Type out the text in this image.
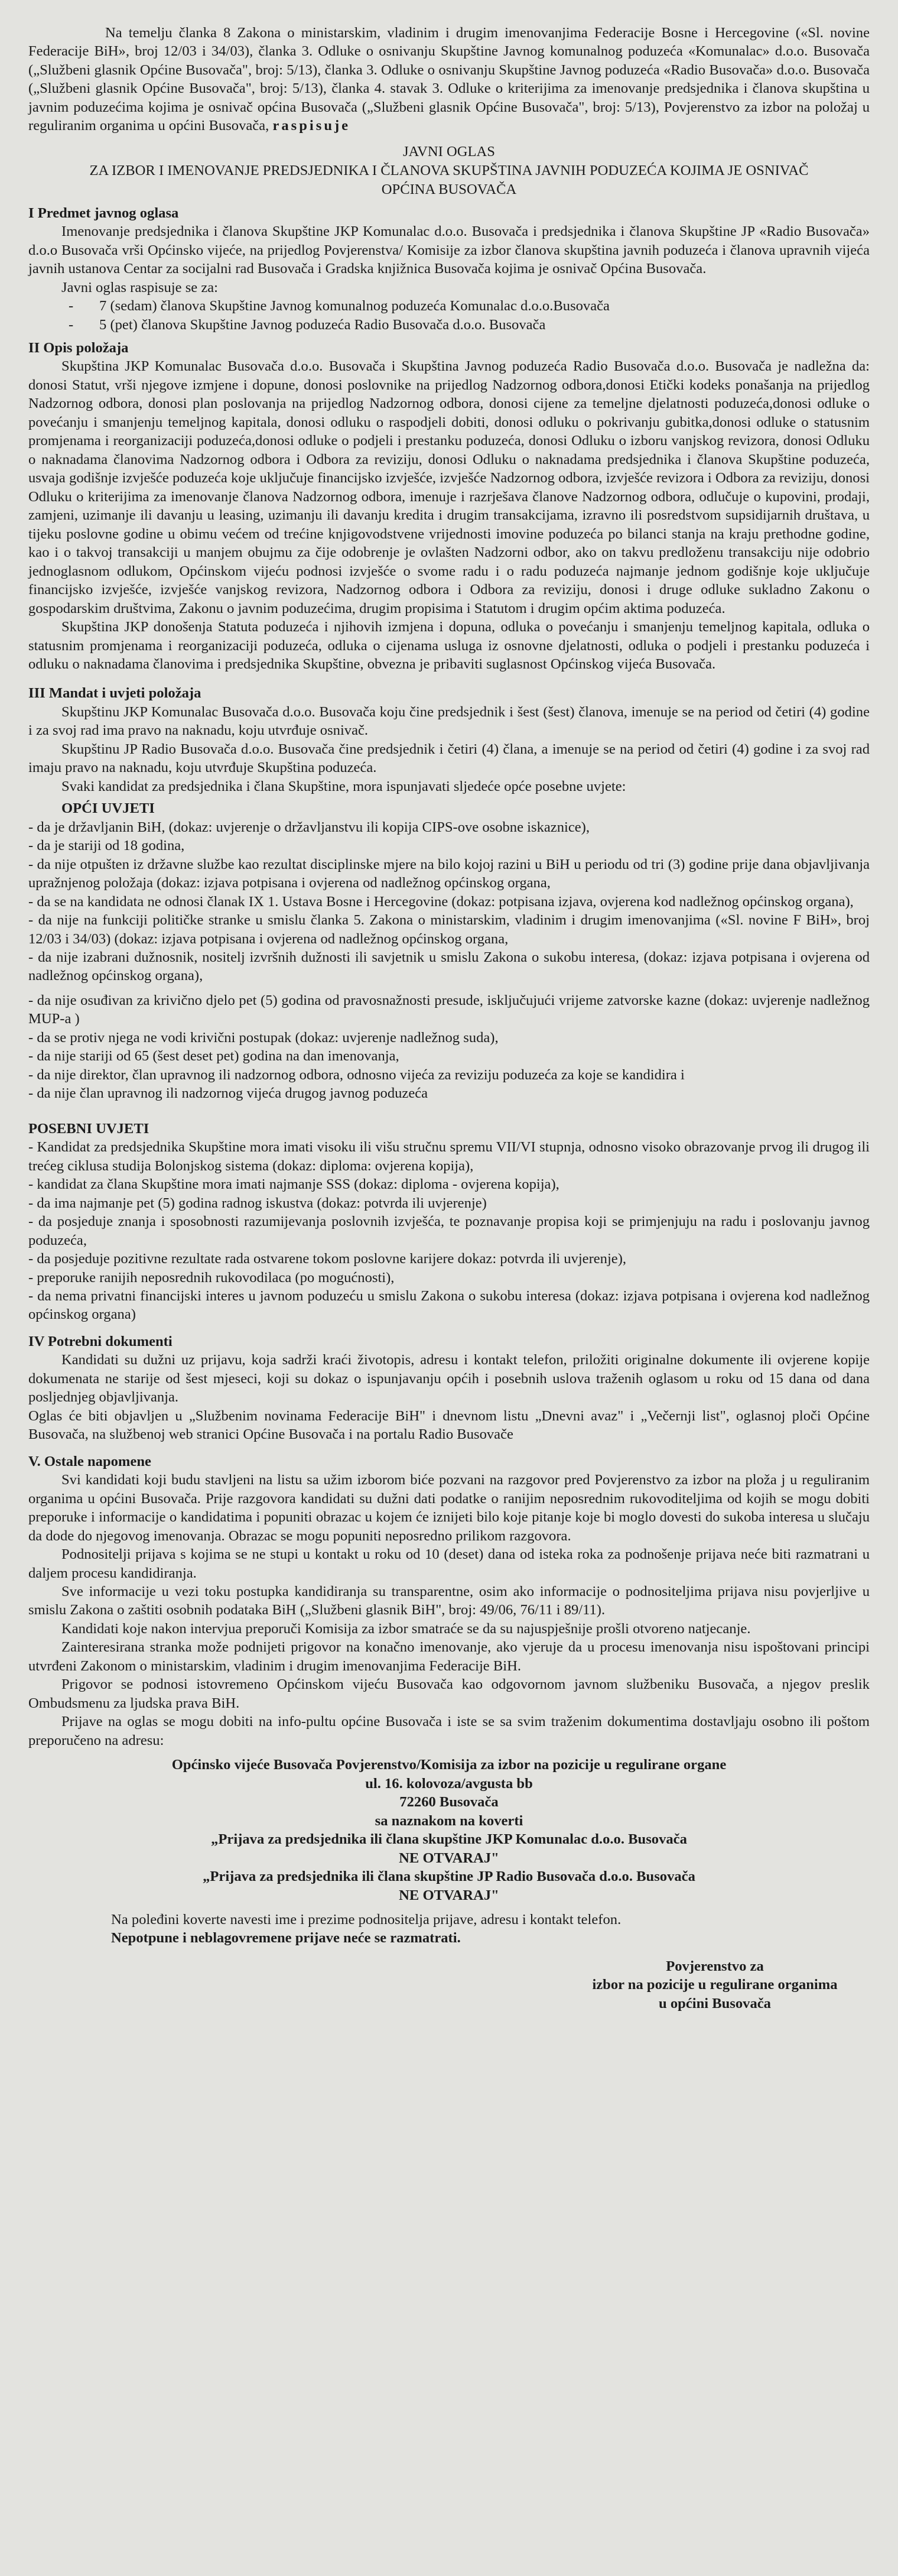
Na temelju članka 8 Zakona o ministarskim, vladinim i drugim imenovanjima Federacije Bosne i Hercegovine («Sl. novine Federacije BiH», broj 12/03 i 34/03), članka 3. Odluke o osnivanju Skupštine Javnog komunalnog poduzeća «Komunalac» d.o.o. Busovača („Službeni glasnik Općine Busovača", broj: 5/13), članka 3. Odluke o osnivanju Skupštine Javnog poduzeća «Radio Busovača» d.o.o. Busovača („Službeni glasnik Općine Busovača", broj: 5/13), članka 4. stavak 3. Odluke o kriterijima za imenovanje predsjednika i članova skupština u javnim poduzećima kojima je osnivač općina Busovača („Službeni glasnik Općine Busovača", broj: 5/13), Povjerenstvo za izbor na položaj u reguliranim organima u općini Busovača, raspisuje

JAVNI OGLAS
ZA IZBOR I IMENOVANJE PREDSJEDNIKA I ČLANOVA SKUPŠTINA JAVNIH PODUZEĆA KOJIMA JE OSNIVAČ OPĆINA BUSOVAČA
I Predmet javnog oglasa

Imenovanje predsjednika i članova Skupštine JKP Komunalac d.o.o. Busovača i predsjednika i članova Skupštine JP «Radio Busovača» d.o.o Busovača vrši Općinsko vijeće, na prijedlog Povjerenstva/ Komisije za izbor članova skupština javnih poduzeća i članova upravnih vijeća javnih ustanova Centar za socijalni rad Busovača i Gradska knjižnica Busovača kojima je osnivač Općina Busovača.

Javni oglas raspisuje se za:

- 7 (sedam) članova Skupštine Javnog komunalnog poduzeća Komunalac d.o.o.Busovača
- 5 (pet) članova Skupštine Javnog poduzeća Radio Busovača d.o.o. Busovača
II Opis položaja

Skupština JKP Komunalac Busovača d.o.o. Busovača i Skupština Javnog poduzeća Radio Busovača d.o.o. Busovača je nadležna da: donosi Statut, vrši njegove izmjene i dopune, donosi poslovnike na prijedlog Nadzornog odbora,donosi Etički kodeks ponašanja na prijedlog Nadzornog odbora, donosi plan poslovanja na prijedlog Nadzornog odbora, donosi cijene za temeljne djelatnosti poduzeća,donosi odluke o povećanju i smanjenju temeljnog kapitala, donosi odluku o raspodjeli dobiti, donosi odluku o pokrivanju gubitka,donosi odluke o statusnim promjenama i reorganizaciji poduzeća,donosi odluke o podjeli i prestanku poduzeća, donosi Odluku o izboru vanjskog revizora, donosi Odluku o naknadama članovima Nadzornog odbora i Odbora za reviziju, donosi Odluku o naknadama predsjednika i članova Skupštine poduzeća, usvaja godišnje izvješće poduzeća koje uključuje financijsko izvješće, izvješće Nadzornog odbora, izvješće revizora i Odbora za reviziju, donosi Odluku o kriterijima za imenovanje članova Nadzornog odbora, imenuje i razrješava članove Nadzornog odbora, odlučuje o kupovini, prodaji, zamjeni, uzimanje ili davanju u leasing, uzimanju ili davanju kredita i drugim transakcijama, izravno ili posredstvom supsidijarnih društava, u tijeku poslovne godine u obimu većem od trećine knjigovodstvene vrijednosti imovine poduzeća po bilanci stanja na kraju prethodne godine, kao i o takvoj transakciji u manjem obujmu za čije odobrenje je ovlašten Nadzorni odbor, ako on takvu predloženu transakciju nije odobrio jednoglasnom odlukom, Općinskom vijeću podnosi izvješće o svome radu i o radu poduzeća najmanje jednom godišnje koje uključuje financijsko izvješće, izvješće vanjskog revizora, Nadzornog odbora i Odbora za reviziju, donosi i druge odluke sukladno Zakonu o gospodarskim društvima, Zakonu o javnim poduzećima, drugim propisima i Statutom i drugim općim aktima poduzeća.

Skupština JKP donošenja Statuta poduzeća i njihovih izmjena i dopuna, odluka o povećanju i smanjenju temeljnog kapitala, odluka o statusnim promjenama i reorganizaciji poduzeća, odluka o cijenama usluga iz osnovne djelatnosti, odluka o podjeli i prestanku poduzeća i odluku o naknadama članovima i predsjednika Skupštine, obvezna je pribaviti suglasnost Općinskog vijeća Busovača.

III Mandat i uvjeti položaja

Skupštinu JKP Komunalac Busovača d.o.o. Busovača koju čine predsjednik i šest (šest) članova, imenuje se na period od četiri (4) godine i za svoj rad ima pravo na naknadu, koju utvrđuje osnivač.

Skupštinu JP Radio Busovača d.o.o. Busovača čine predsjednik i četiri (4) člana, a imenuje se na period od četiri (4) godine i za svoj rad imaju pravo na naknadu, koju utvrđuje Skupština poduzeća.

Svaki kandidat za predsjednika i člana Skupštine, mora ispunjavati sljedeće opće posebne uvjete:

OPĆI UVJETI
- da je državljanin BiH, (dokaz: uvjerenje o državljanstvu ili kopija CIPS-ove osobne iskaznice),
- da je stariji od 18 godina,
- da nije otpušten iz državne službe kao rezultat disciplinske mjere na bilo kojoj razini u BiH u periodu od tri (3) godine prije dana objavljivanja upražnjenog položaja (dokaz: izjava potpisana i ovjerena od nadležnog općinskog organa,
- da se na kandidata ne odnosi članak IX 1. Ustava Bosne i Hercegovine (dokaz: potpisana izjava, ovjerena kod nadležnog općinskog organa),
- da nije na funkciji političke stranke u smislu članka 5. Zakona o ministarskim, vladinim i drugim imenovanjima («Sl. novine F BiH», broj 12/03 i 34/03) (dokaz: izjava potpisana i ovjerena od nadležnog općinskog organa,
- da nije izabrani dužnosnik, nositelj izvršnih dužnosti ili savjetnik u smislu Zakona o sukobu interesa, (dokaz: izjava potpisana i ovjerena od nadležnog općinskog organa),
- da nije osuđivan za krivično djelo pet (5) godina od pravosnažnosti presude, isključujući vrijeme zatvorske kazne (dokaz: uvjerenje nadležnog MUP-a )
- da se protiv njega ne vodi krivični postupak (dokaz: uvjerenje nadležnog suda),
- da nije stariji od 65 (šest deset pet) godina na dan imenovanja,
- da nije direktor, član upravnog ili nadzornog odbora, odnosno vijeća za reviziju poduzeća za koje se kandidira i
- da nije član upravnog ili nadzornog vijeća drugog javnog poduzeća
POSEBNI UVJETI
- Kandidat za predsjednika Skupštine mora imati visoku ili višu stručnu spremu VII/VI stupnja, odnosno visoko obrazovanje prvog ili drugog ili trećeg ciklusa studija Bolonjskog sistema (dokaz: diploma: ovjerena kopija),
- kandidat za člana Skupštine mora imati najmanje SSS (dokaz: diploma - ovjerena kopija),
- da ima najmanje pet (5) godina radnog iskustva (dokaz: potvrda ili uvjerenje)
- da posjeduje znanja i sposobnosti razumijevanja poslovnih izvješća, te poznavanje propisa koji se primjenjuju na radu i poslovanju javnog poduzeća,
- da posjeduje pozitivne rezultate rada ostvarene tokom poslovne karijere dokaz: potvrda ili uvjerenje),
- preporuke ranijih neposrednih rukovodilaca (po mogućnosti),
- da nema privatni financijski interes u javnom poduzeću u smislu Zakona o sukobu interesa (dokaz: izjava potpisana i ovjerena kod nadležnog općinskog organa)
IV Potrebni dokumenti

Kandidati su dužni uz prijavu, koja sadrži kraći životopis, adresu i kontakt telefon, priložiti originalne dokumente ili ovjerene kopije dokumenata ne starije od šest mjeseci, koji su dokaz o ispunjavanju općih i posebnih uslova traženih oglasom u roku od 15 dana od dana posljednjeg objavljivanja.

Oglas će biti objavljen u „Službenim novinama Federacije BiH" i dnevnom listu „Dnevni avaz" i „Večernji list", oglasnoj ploči Općine Busovača, na službenoj web stranici Općine Busovača i na portalu Radio Busovače

V. Ostale napomene

Svi kandidati koji budu stavljeni na listu sa užim izborom biće pozvani na razgovor pred Povjerenstvo za izbor na ploža j u reguliranim organima u općini Busovača. Prije razgovora kandidati su dužni dati podatke o ranijim neposrednim rukovoditeljima od kojih se mogu dobiti preporuke i informacije o kandidatima i popuniti obrazac u kojem će iznijeti bilo koje pitanje koje bi moglo dovesti do sukoba interesa u slučaju da dode do njegovog imenovanja. Obrazac se mogu popuniti neposredno prilikom razgovora.

Podnositelji prijava s kojima se ne stupi u kontakt u roku od 10 (deset) dana od isteka roka za podnošenje prijava neće biti razmatrani u daljem procesu kandidiranja.

Sve informacije u vezi toku postupka kandidiranja su transparentne, osim ako informacije o podnositeljima prijava nisu povjerljive u smislu Zakona o zaštiti osobnih podataka BiH („Službeni glasnik BiH", broj: 49/06, 76/11 i 89/11).

Kandidati koje nakon intervjua preporuči Komisija za izbor smatraće se da su najuspješnije prošli otvoreno natjecanje.

Zainteresirana stranka može podnijeti prigovor na konačno imenovanje, ako vjeruje da u procesu imenovanja nisu ispoštovani principi utvrđeni Zakonom o ministarskim, vladinim i drugim imenovanjima Federacije BiH.

Prigovor se podnosi istovremeno Općinskom vijeću Busovača kao odgovornom javnom službeniku Busovača, a njegov preslik Ombudsmenu za ljudska prava BiH.

Prijave na oglas se mogu dobiti na info-pultu općine Busovača i iste se sa svim traženim dokumentima dostavljaju osobno ili poštom preporučeno na adresu:

Općinsko vijeće Busovača Povjerenstvo/Komisija za izbor na pozicije u regulirane organe
ul. 16. kolovoza/avgusta bb
72260 Busovača
sa naznakom na koverti
„Prijava za predsjednika ili člana skupštine JKP Komunalac d.o.o. Busovača
NE OTVARAJ"
„Prijava za predsjednika ili člana skupštine JP Radio Busovača d.o.o. Busovača
NE OTVARAJ"

Na poleđini koverte navesti ime i prezime podnositelja prijave, adresu i kontakt telefon.

Nepotpune i neblagovremene prijave neće se razmatrati.

Povjerenstvo za
izbor na pozicije u regulirane organima
u općini Busovača
